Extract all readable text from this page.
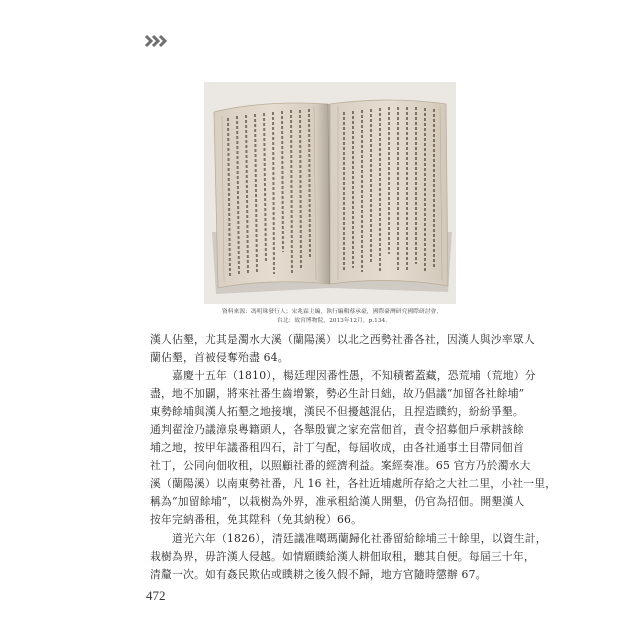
資料來源：馮明珠發行人；宋兆霖主編，執行編輯蔡承豪，國際臺灣研究國際研討會，
台北：故宮博物院，2013年12月，p.134.
漢人佔墾，尤其是濁水大溪（蘭陽溪）以北之西勢社番各社，因漢人與沙率眾人
蘭佔墾，首被侵奪殆盡 64。
嘉慶十五年（1810），楊廷理因番性愚，不知積蓄蓋藏，恐荒埔（荒地）分
盡，地不加闢，將來社番生齒增繁，勢必生計日絀，故乃倡議“加留各社餘埔”
東勢餘埔與漢人拓墾之地接壤，漢民不但擾越混佔，且捏造瞨約，紛紛爭墾。
通判翟淦乃議漳泉粵籍頭人，各舉殷實之家充當佃首，責令招募佃戶承耕該餘
埔之地，按甲年議番租四石，計丁勻配，每屆收成，由各社通事土目帶同佃首
社丁，公同向佃收租，以照顧社番的經濟利益。案經奏准。65 官方乃於濁水大
溪（蘭陽溪）以南東勢社番，凡 16 社，各社近埔處所存給之大社二里，小社一里，
稱為“加留餘埔”，以栽樹為外界，准承租給漢人開墾，仍官為招佃。開墾漢人
按年完納番租，免其陞科（免其納稅）66。
道光六年（1826），清廷議准噶瑪蘭歸化社番留給餘埔三十餘里，以資生計，
栽樹為界，毋許漢人侵越。如情願瞨給漢人耕佃取租，聽其自便。每屆三十年，
清釐一次。如有姦民欺佔或瞨耕之後久假不歸，地方官隨時懲辦 67。
472
